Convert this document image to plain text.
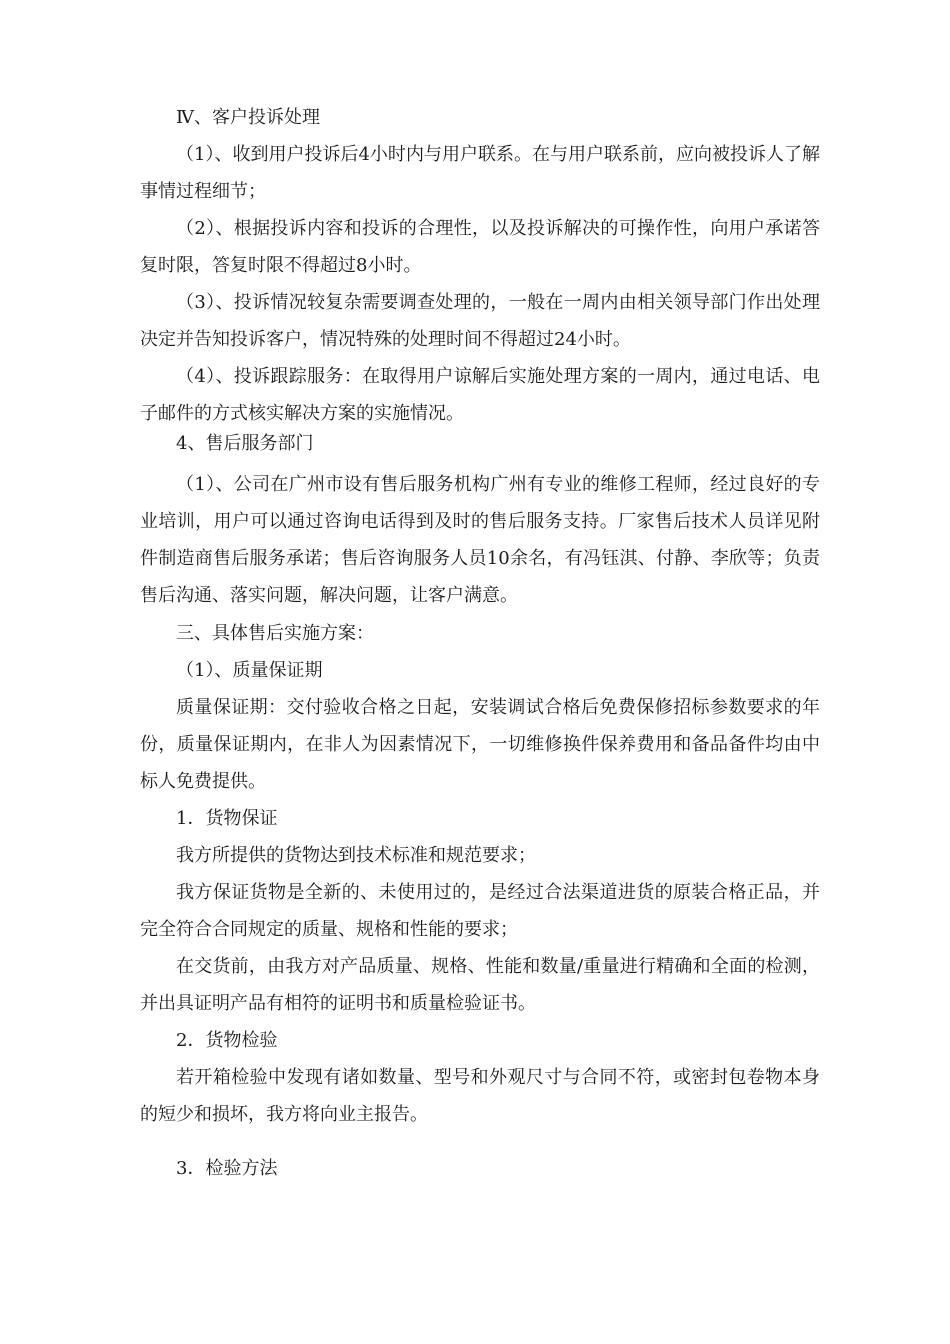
Ⅳ、客户投诉处理

（1）、收到用户投诉后4小时内与用户联系。在与用户联系前，应向被投诉人了解事情过程细节；

（2）、根据投诉内容和投诉的合理性，以及投诉解决的可操作性，向用户承诺答复时限，答复时限不得超过8小时。

（3）、投诉情况较复杂需要调查处理的，一般在一周内由相关领导部门作出处理决定并告知投诉客户，情况特殊的处理时间不得超过24小时。

（4）、投诉跟踪服务：在取得用户谅解后实施处理方案的一周内，通过电话、电子邮件的方式核实解决方案的实施情况。

4、售后服务部门

（1）、公司在广州市设有售后服务机构广州有专业的维修工程师，经过良好的专业培训，用户可以通过咨询电话得到及时的售后服务支持。厂家售后技术人员详见附件制造商售后服务承诺；售后咨询服务人员10余名，有冯钰淇、付静、李欣等；负责售后沟通、落实问题，解决问题，让客户满意。

三、具体售后实施方案：

（1）、质量保证期

质量保证期：交付验收合格之日起，安装调试合格后免费保修招标参数要求的年份，质量保证期内，在非人为因素情况下，一切维修换件保养费用和备品备件均由中标人免费提供。

1．货物保证

我方所提供的货物达到技术标准和规范要求；

我方保证货物是全新的、未使用过的，是经过合法渠道进货的原装合格正品，并完全符合合同规定的质量、规格和性能的要求；

在交货前，由我方对产品质量、规格、性能和数量/重量进行精确和全面的检测，并出具证明产品有相符的证明书和质量检验证书。

2．货物检验

若开箱检验中发现有诸如数量、型号和外观尺寸与合同不符，或密封包卷物本身的短少和损坏，我方将向业主报告。

3．检验方法
